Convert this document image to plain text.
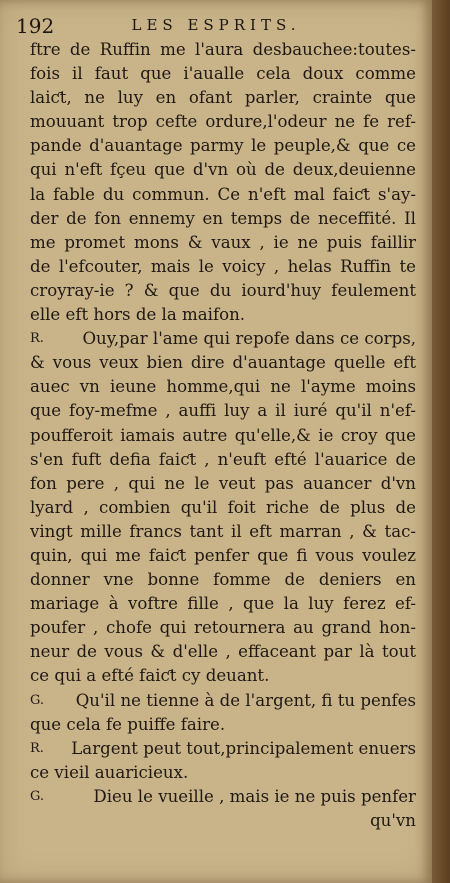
192	LES ESPRITS.
ftre de Ruffin me l'aura desbauchee:toutes-
fois il faut que i'aualle cela doux comme
laiƈt, ne luy en ofant parler, crainte que
mouuant trop cefte ordure,l'odeur ne fe ref-
pande d'auantage parmy le peuple,& que ce
qui n'eft fçeu que d'vn où de deux,deuienne
la fable du commun. Ce n'eft mal faiƈt s'ay-
der de fon ennemy en temps de neceffité. Il
me promet mons & vaux , ie ne puis faillir
de l'efcouter, mais le voicy , helas Ruffin te
croyray-ie ? & que du iourd'huy feulement
elle eft hors de la maifon.
R. Ouy,par l'ame qui repofe dans ce corps,
& vous veux bien dire d'auantage quelle eft
auec vn ieune homme,qui ne l'ayme moins
que foy-mefme , auffi luy a il iuré qu'il n'ef-
poufferoit iamais autre qu'elle,& ie croy que
s'en fuft defia faiƈt , n'euft efté l'auarice de
fon pere , qui ne le veut pas auancer d'vn
lyard , combien qu'il foit riche de plus de
vingt mille francs tant il eft marran , & tac-
quin, qui me faiƈt penfer que fi vous voulez
donner vne bonne fomme de deniers en
mariage à voftre fille , que la luy ferez ef-
poufer , chofe qui retournera au grand hon-
neur de vous & d'elle , effaceant par là tout
ce qui a efté faiƈt cy deuant.
G. Qu'il ne tienne à de l'argent, fi tu penfes
que cela fe puiffe faire.
R. Largent peut tout,principalement enuers
ce vieil auaricieux.
G.	Dieu le vueille , mais ie ne puis penfer
qu'vn
